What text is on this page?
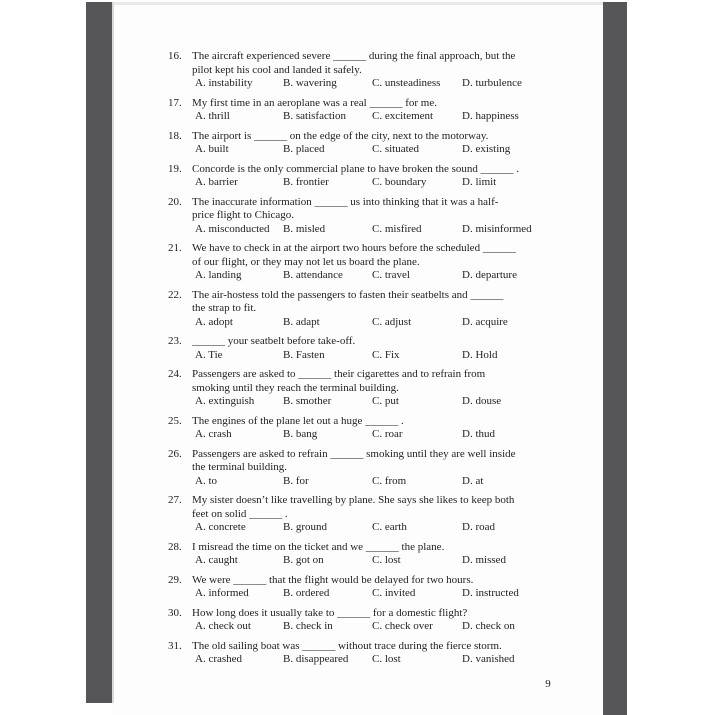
16. The aircraft experienced severe ______ during the final approach, but the
pilot kept his cool and landed it safely.
A. instability	B. wavering	C. unsteadiness D. turbulence
17. My first time in an aeroplane was a real ______ for me.
A. thrill	B. satisfaction C. excitement	D. happiness
18. The airport is ______ on the edge of the city, next to the motorway.
A. built	B. placed	C. situated	D. existing
19. Concorde is the only commercial plane to have broken the sound ______ .
A. barrier	B. frontier	C. boundary	D. limit
20. The inaccurate information ______ us into thinking that it was a half-
price flight to Chicago.
A. misconducted B. misled	C. misfired	D. misinformed
21. We have to check in at the airport two hours before the scheduled ______
of our flight, or they may not let us board the plane.
A. landing	B. attendance	C. travel	D. departure
22. The air-hostess told the passengers to fasten their seatbelts and ______
the strap to fit.
A. adopt	B. adapt	C. adjust	D. acquire
23. ______ your seatbelt before take-off.
A. Tie	B. Fasten	C. Fix	D. Hold
24. Passengers are asked to ______ their cigarettes and to refrain from
smoking until they reach the terminal building.
A. extinguish	B. smother	C. put	D. douse
25. The engines of the plane let out a huge ______ .
A. crash	B. bang	C. roar	D. thud
26. Passengers are asked to refrain ______ smoking until they are well inside
the terminal building.
A. to	B. for	C. from	D. at
27. My sister doesn’t like travelling by plane. She says she likes to keep both
feet on solid ______ .
A. concrete	B. ground	C. earth	D. road
28. I misread the time on the ticket and we ______ the plane.
A. caught	B. got on	C. lost	D. missed
29. We were ______ that the flight would be delayed for two hours.
A. informed	B. ordered	C. invited	D. instructed
30. How long does it usually take to ______ for a domestic flight?
A. check out	B. check in	C. check over	D. check on
31. The old sailing boat was ______ without trace during the fierce storm.
A. crashed	B. disappeared C. lost	D. vanished
9
